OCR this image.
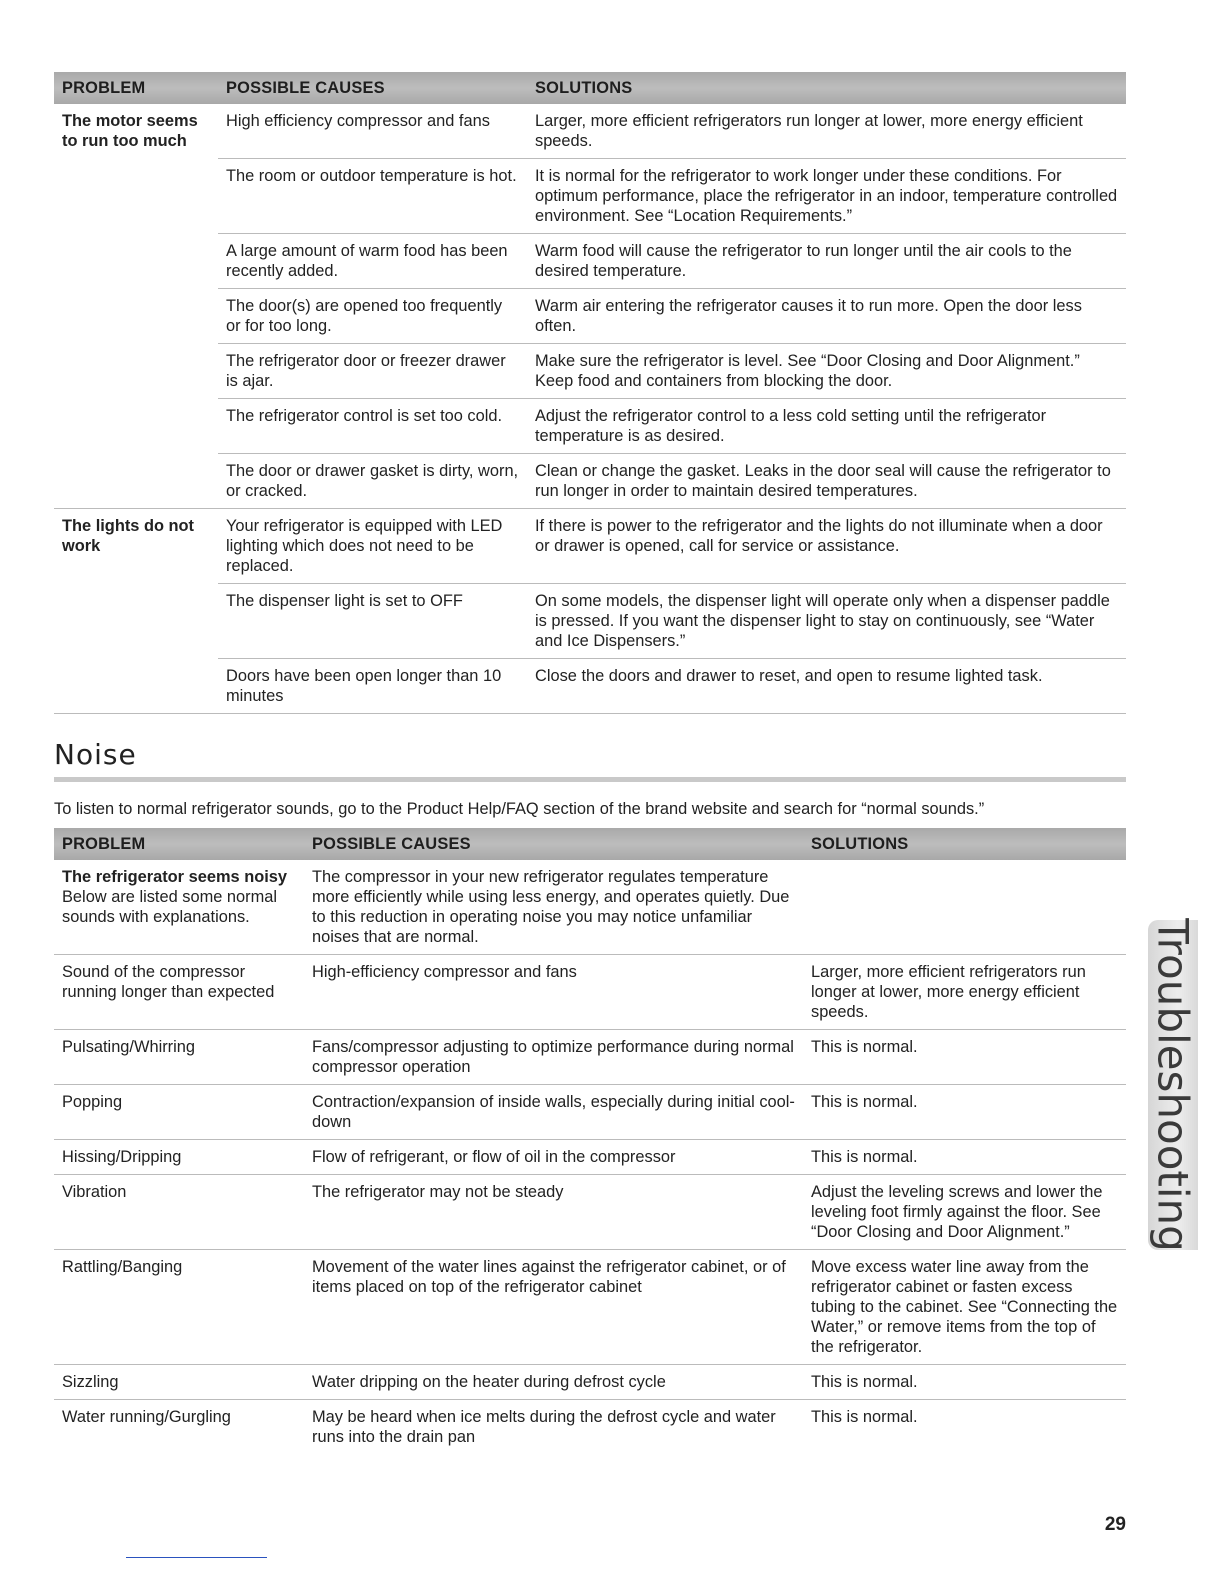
PROBLEM	POSSIBLE CAUSES	SOLUTIONS
The motor seems to run too much	High efficiency compressor and fans	Larger, more efficient refrigerators run longer at lower, more energy efficient speeds.
	The room or outdoor temperature is hot.	It is normal for the refrigerator to work longer under these conditions. For optimum performance, place the refrigerator in an indoor, temperature controlled environment. See “Location Requirements.”
	A large amount of warm food has been recently added.	Warm food will cause the refrigerator to run longer until the air cools to the desired temperature.
	The door(s) are opened too frequently or for too long.	Warm air entering the refrigerator causes it to run more. Open the door less often.
	The refrigerator door or freezer drawer is ajar.	Make sure the refrigerator is level. See “Door Closing and Door Alignment.” Keep food and containers from blocking the door.
	The refrigerator control is set too cold.	Adjust the refrigerator control to a less cold setting until the refrigerator temperature is as desired.
	The door or drawer gasket is dirty, worn, or cracked.	Clean or change the gasket. Leaks in the door seal will cause the refrigerator to run longer in order to maintain desired temperatures.
The lights do not work	Your refrigerator is equipped with LED lighting which does not need to be replaced.	If there is power to the refrigerator and the lights do not illuminate when a door or drawer is opened, call for service or assistance.
	The dispenser light is set to OFF	On some models, the dispenser light will operate only when a dispenser paddle is pressed. If you want the dispenser light to stay on continuously, see “Water and Ice Dispensers.”
	Doors have been open longer than 10 minutes	Close the doors and drawer to reset, and open to resume lighted task.
Noise
To listen to normal refrigerator sounds, go to the Product Help/FAQ section of the brand website and search for “normal sounds.”
PROBLEM	POSSIBLE CAUSES	SOLUTIONS

The refrigerator seems noisy
Below are listed some normal sounds with explanations.	The compressor in your new refrigerator regulates temperature more efficiently while using less energy, and operates quietly. Due to this reduction in operating noise you may notice unfamiliar noises that are normal.	
Sound of the compressor running longer than expected	High-efficiency compressor and fans	Larger, more efficient refrigerators run longer at lower, more energy efficient speeds.
Pulsating/Whirring	Fans/compressor adjusting to optimize performance during normal compressor operation	This is normal.
Popping	Contraction/expansion of inside walls, especially during initial cool-down	This is normal.
Hissing/Dripping	Flow of refrigerant, or flow of oil in the compressor	This is normal.
Vibration	The refrigerator may not be steady	Adjust the leveling screws and lower the leveling foot firmly against the floor. See “Door Closing and Door Alignment.”
Rattling/Banging	Movement of the water lines against the refrigerator cabinet, or of items placed on top of the refrigerator cabinet	Move excess water line away from the refrigerator cabinet or fasten excess tubing to the cabinet. See “Connecting the Water,” or remove items from the top of the refrigerator.
Sizzling	Water dripping on the heater during defrost cycle	This is normal.
Water running/Gurgling	May be heard when ice melts during the defrost cycle and water runs into the drain pan	This is normal.
Troubleshooting
29
